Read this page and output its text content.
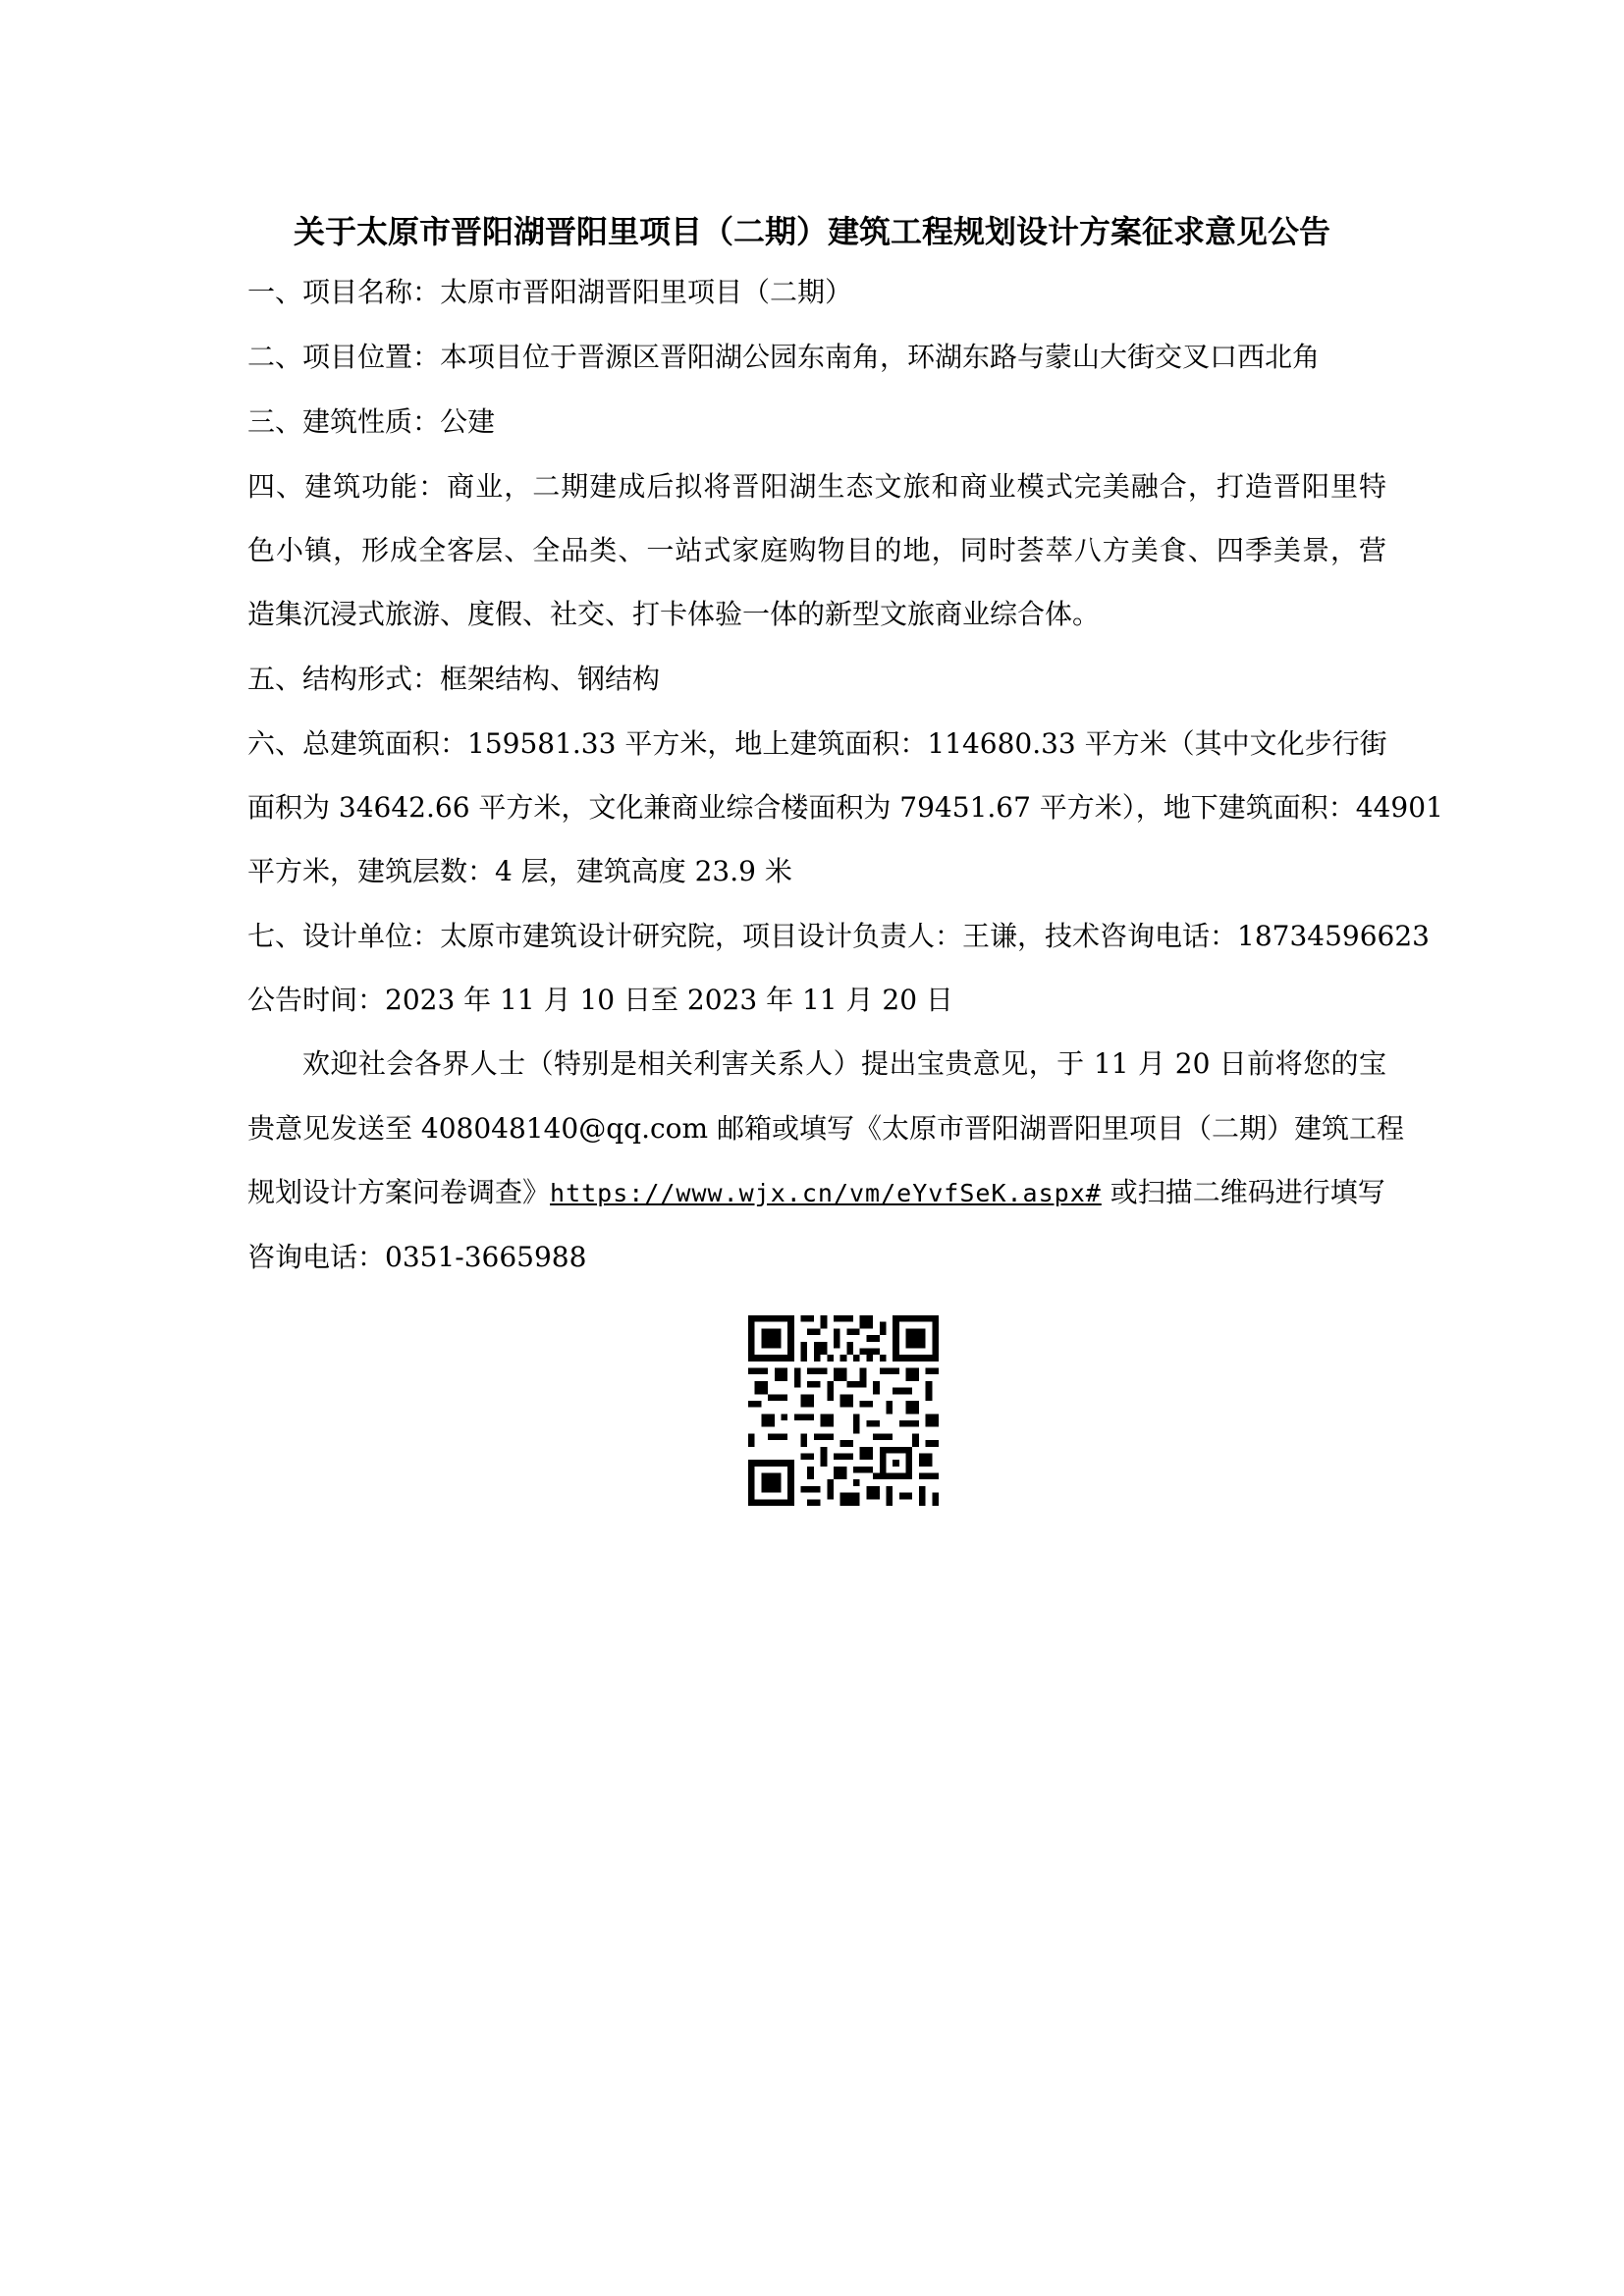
关于太原市晋阳湖晋阳里项目（二期）建筑工程规划设计方案征求意见公告
一、项目名称：太原市晋阳湖晋阳里项目（二期）
二、项目位置：本项目位于晋源区晋阳湖公园东南角，环湖东路与蒙山大街交叉口西北角
三、建筑性质：公建
四、建筑功能：商业，二期建成后拟将晋阳湖生态文旅和商业模式完美融合，打造晋阳里特
色小镇，形成全客层、全品类、一站式家庭购物目的地，同时荟萃八方美食、四季美景，营
造集沉浸式旅游、度假、社交、打卡体验一体的新型文旅商业综合体。
五、结构形式：框架结构、钢结构
六、总建筑面积：159581.33 平方米，地上建筑面积：114680.33 平方米（其中文化步行街
面积为 34642.66 平方米，文化兼商业综合楼面积为 79451.67 平方米），地下建筑面积：44901
平方米，建筑层数：4 层，建筑高度 23.9 米
七、设计单位：太原市建筑设计研究院，项目设计负责人：王谦，技术咨询电话：18734596623
公告时间：2023 年 11 月 10 日至 2023 年 11 月 20 日
欢迎社会各界人士（特别是相关利害关系人）提出宝贵意见，于 11 月 20 日前将您的宝
贵意见发送至 408048140@qq.com 邮箱或填写《太原市晋阳湖晋阳里项目（二期）建筑工程
规划设计方案问卷调查》https://www.wjx.cn/vm/eYvfSeK.aspx# 或扫描二维码进行填写
咨询电话：0351-3665988
